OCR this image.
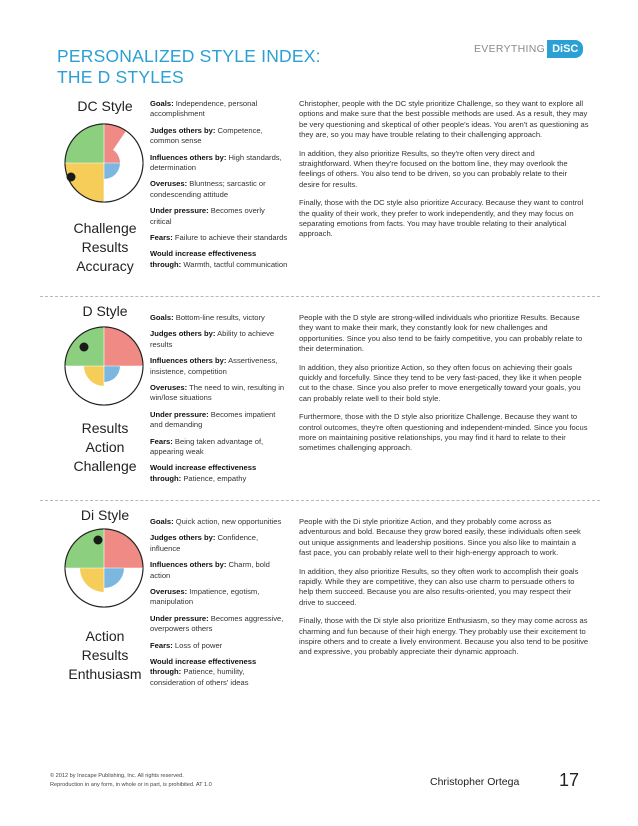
PERSONALIZED STYLE INDEX:
THE D STYLES
EVERYTHING DiSC
DC Style
Challenge
Results
Accuracy

Goals: Independence, personal accomplishment

Judges others by: Competence, common sense

Influences others by: High standards, determination

Overuses: Bluntness; sarcastic or condescending attitude

Under pressure: Becomes overly critical

Fears: Failure to achieve their standards

Would increase effectiveness through: Warmth, tactful communication

Christopher, people with the DC style prioritize Challenge, so they want to explore all options and make sure that the best possible methods are used. As a result, they may be very questioning and skeptical of other people's ideas. You aren't as questioning as they are, so you may have trouble relating to their challenging approach.

In addition, they also prioritize Results, so they're often very direct and straightforward. When they're focused on the bottom line, they may overlook the feelings of others. You also tend to be driven, so you can probably relate to their desire for results.

Finally, those with the DC style also prioritize Accuracy. Because they want to control the quality of their work, they prefer to work independently, and they may focus on separating emotions from facts. You may have trouble relating to their analytical approach.

D Style
Results
Action
Challenge

Goals: Bottom-line results, victory

Judges others by: Ability to achieve results

Influences others by: Assertiveness, insistence, competition

Overuses: The need to win, resulting in win/lose situations

Under pressure: Becomes impatient and demanding

Fears: Being taken advantage of, appearing weak

Would increase effectiveness through: Patience, empathy

People with the D style are strong-willed individuals who prioritize Results. Because they want to make their mark, they constantly look for new challenges and opportunities. Since you also tend to be fairly competitive, you can probably relate to their determination.

In addition, they also prioritize Action, so they often focus on achieving their goals quickly and forcefully. Since they tend to be very fast-paced, they like it when people cut to the chase. Since you also prefer to move energetically toward your goals, you can probably relate well to their bold style.

Furthermore, those with the D style also prioritize Challenge. Because they want to control outcomes, they're often questioning and independent-minded. Since you focus more on maintaining positive relationships, you may find it hard to relate to their sometimes challenging approach.

Di Style
Action
Results
Enthusiasm

Goals: Quick action, new opportunities

Judges others by: Confidence, influence

Influences others by: Charm, bold action

Overuses: Impatience, egotism, manipulation

Under pressure: Becomes aggressive, overpowers others

Fears: Loss of power

Would increase effectiveness through: Patience, humility, consideration of others' ideas

People with the Di style prioritize Action, and they probably come across as adventurous and bold. Because they grow bored easily, these individuals often seek out unique assignments and leadership positions. Since you also like to maintain a fast pace, you can probably relate well to their high-energy approach to work.

In addition, they also prioritize Results, so they often work to accomplish their goals rapidly. While they are competitive, they can also use charm to persuade others to help them succeed. Because you are also results-oriented, you may respect their drive to succeed.

Finally, those with the Di style also prioritize Enthusiasm, so they may come across as charming and fun because of their high energy. They probably use their excitement to inspire others and to create a lively environment. Because you also tend to be positive and expressive, you probably appreciate their dynamic approach.

© 2012 by Inscape Publishing, Inc. All rights reserved.
Reproduction in any form, in whole or in part, is prohibited. AT 1.0	Christopher Ortega 17
